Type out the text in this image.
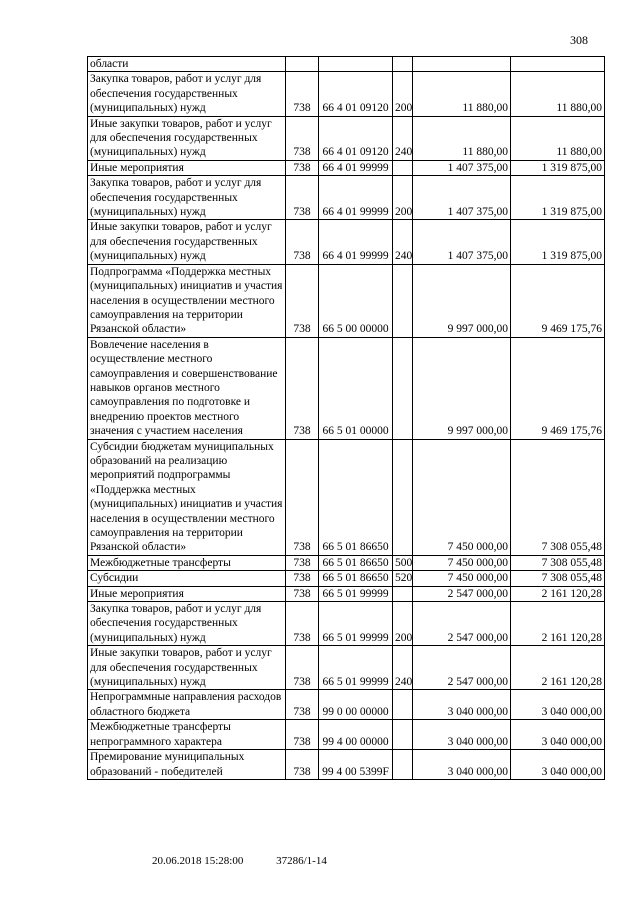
308
области					
Закупка товаров, работ и услуг для обеспечения государственных (муниципальных) нужд	738	66 4 01 09120	200	11 880,00	11 880,00
Иные закупки товаров, работ и услуг для обеспечения государственных (муниципальных) нужд	738	66 4 01 09120	240	11 880,00	11 880,00
Иные мероприятия	738	66 4 01 99999		1 407 375,00	1 319 875,00
Закупка товаров, работ и услуг для обеспечения государственных (муниципальных) нужд	738	66 4 01 99999	200	1 407 375,00	1 319 875,00
Иные закупки товаров, работ и услуг для обеспечения государственных (муниципальных) нужд	738	66 4 01 99999	240	1 407 375,00	1 319 875,00
Подпрограмма «Поддержка местных (муниципальных) инициатив и участия населения в осуществлении местного самоуправления на территории Рязанской области»	738	66 5 00 00000		9 997 000,00	9 469 175,76
Вовлечение населения в осуществление местного самоуправления и совершенствование навыков органов местного самоуправления по подготовке и внедрению проектов местного значения с участием населения	738	66 5 01 00000		9 997 000,00	9 469 175,76
Субсидии бюджетам муниципальных образований на реализацию мероприятий подпрограммы «Поддержка местных (муниципальных) инициатив и участия населения в осуществлении местного самоуправления на территории Рязанской области»	738	66 5 01 86650		7 450 000,00	7 308 055,48
Межбюджетные трансферты	738	66 5 01 86650	500	7 450 000,00	7 308 055,48
Субсидии	738	66 5 01 86650	520	7 450 000,00	7 308 055,48
Иные мероприятия	738	66 5 01 99999		2 547 000,00	2 161 120,28
Закупка товаров, работ и услуг для обеспечения государственных (муниципальных) нужд	738	66 5 01 99999	200	2 547 000,00	2 161 120,28
Иные закупки товаров, работ и услуг для обеспечения государственных (муниципальных) нужд	738	66 5 01 99999	240	2 547 000,00	2 161 120,28
Непрограммные направления расходов областного бюджета	738	99 0 00 00000		3 040 000,00	3 040 000,00
Межбюджетные трансферты непрограммного характера	738	99 4 00 00000		3 040 000,00	3 040 000,00
Премирование муниципальных образований - победителей	738	99 4 00 5399F		3 040 000,00	3 040 000,00
20.06.2018 15:28:00	37286/1-14
